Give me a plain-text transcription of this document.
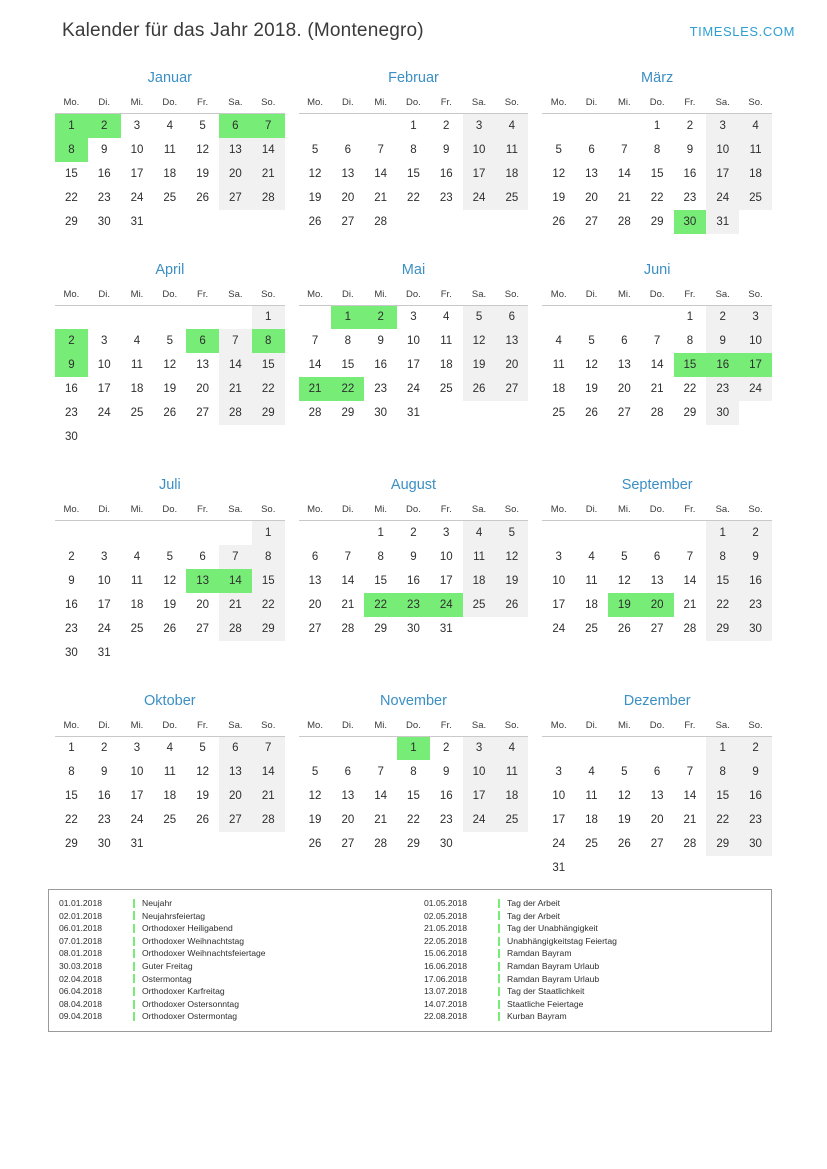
Kalender für das Jahr 2018. (Montenegro)	TIMESLES.COM
Januar
Mo.	Di.	Mi.	Do.	Fr.	Sa.	So.
1	2	3	4	5	6	7
8	9	10	11	12	13	14
15	16	17	18	19	20	21
22	23	24	25	26	27	28
29	30	31				
Februar
Mo.	Di.	Mi.	Do.	Fr.	Sa.	So.
			1	2	3	4
5	6	7	8	9	10	11
12	13	14	15	16	17	18
19	20	21	22	23	24	25
26	27	28				
März
Mo.	Di.	Mi.	Do.	Fr.	Sa.	So.
			1	2	3	4
5	6	7	8	9	10	11
12	13	14	15	16	17	18
19	20	21	22	23	24	25
26	27	28	29	30	31	
April
Mo.	Di.	Mi.	Do.	Fr.	Sa.	So.
						1
2	3	4	5	6	7	8
9	10	11	12	13	14	15
16	17	18	19	20	21	22
23	24	25	26	27	28	29
30						
Mai
Mo.	Di.	Mi.	Do.	Fr.	Sa.	So.
	1	2	3	4	5	6
7	8	9	10	11	12	13
14	15	16	17	18	19	20
21	22	23	24	25	26	27
28	29	30	31			
Juni
Mo.	Di.	Mi.	Do.	Fr.	Sa.	So.
				1	2	3
4	5	6	7	8	9	10
11	12	13	14	15	16	17
18	19	20	21	22	23	24
25	26	27	28	29	30	
Juli
Mo.	Di.	Mi.	Do.	Fr.	Sa.	So.
						1
2	3	4	5	6	7	8
9	10	11	12	13	14	15
16	17	18	19	20	21	22
23	24	25	26	27	28	29
30	31					
August
Mo.	Di.	Mi.	Do.	Fr.	Sa.	So.
		1	2	3	4	5
6	7	8	9	10	11	12
13	14	15	16	17	18	19
20	21	22	23	24	25	26
27	28	29	30	31		
September
Mo.	Di.	Mi.	Do.	Fr.	Sa.	So.
					1	2
3	4	5	6	7	8	9
10	11	12	13	14	15	16
17	18	19	20	21	22	23
24	25	26	27	28	29	30
Oktober
Mo.	Di.	Mi.	Do.	Fr.	Sa.	So.
1	2	3	4	5	6	7
8	9	10	11	12	13	14
15	16	17	18	19	20	21
22	23	24	25	26	27	28
29	30	31				
November
Mo.	Di.	Mi.	Do.	Fr.	Sa.	So.
			1	2	3	4
5	6	7	8	9	10	11
12	13	14	15	16	17	18
19	20	21	22	23	24	25
26	27	28	29	30		
Dezember
Mo.	Di.	Mi.	Do.	Fr.	Sa.	So.
					1	2
3	4	5	6	7	8	9
10	11	12	13	14	15	16
17	18	19	20	21	22	23
24	25	26	27	28	29	30
31						
01.01.2018	Neujahr
02.01.2018	Neujahrsfeiertag
06.01.2018	Orthodoxer Heiligabend
07.01.2018	Orthodoxer Weihnachtstag
08.01.2018	Orthodoxer Weihnachtsfeiertage
30.03.2018	Guter Freitag
02.04.2018	Ostermontag
06.04.2018	Orthodoxer Karfreitag
08.04.2018	Orthodoxer Ostersonntag
09.04.2018	Orthodoxer Ostermontag
01.05.2018	Tag der Arbeit
02.05.2018	Tag der Arbeit
21.05.2018	Tag der Unabhängigkeit
22.05.2018	Unabhängigkeitstag Feiertag
15.06.2018	Ramdan Bayram
16.06.2018	Ramdan Bayram Urlaub
17.06.2018	Ramdan Bayram Urlaub
13.07.2018	Tag der Staatlichkeit
14.07.2018	Staatliche Feiertage
22.08.2018	Kurban Bayram
